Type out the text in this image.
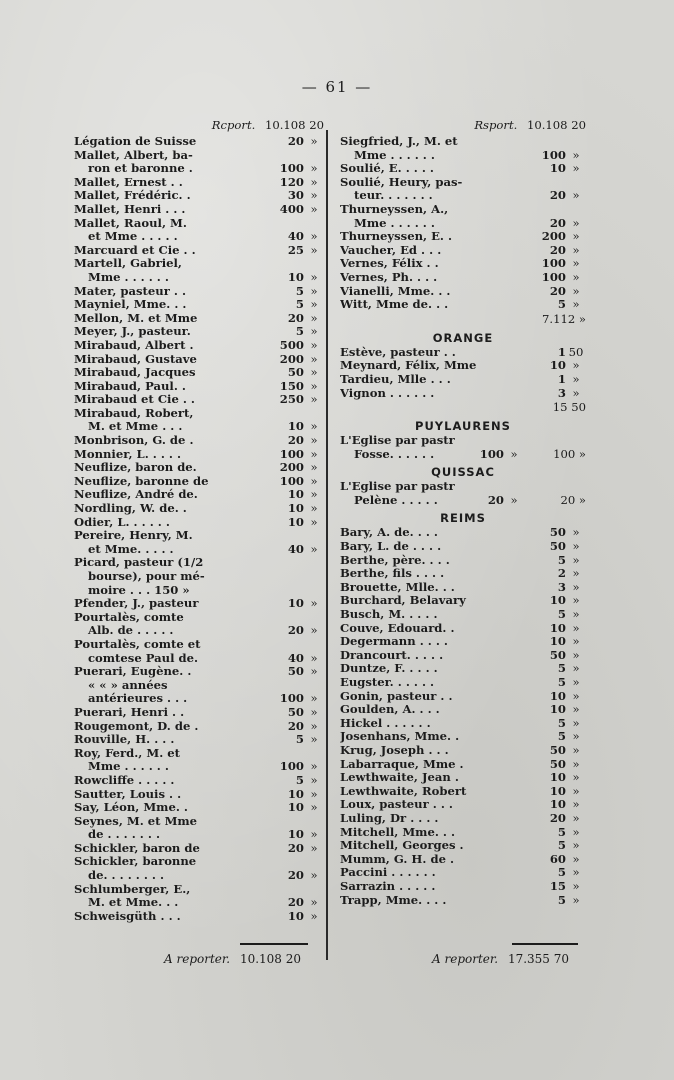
— 61 —
Rcport. 10.108 20
Légation de Suisse	20 »
Mallet, Albert, ba-
ron et baronne .	100 »
Mallet, Ernest . .	120 »
Mallet, Frédéric. .	30 »
Mallet, Henri . . .	400 »
Mallet, Raoul, M.
et Mme . . . . .	40 »
Marcuard et Cie . .	25 »
Martell, Gabriel,
Mme . . . . . .	10 »
Mater, pasteur . .	5 »
Mayniel, Mme. . .	5 »
Mellon, M. et Mme	20 »
Meyer, J., pasteur.	5 »
Mirabaud, Albert .	500 »
Mirabaud, Gustave	200 »
Mirabaud, Jacques	50 »
Mirabaud, Paul. .	150 »
Mirabaud et Cie . .	250 »
Mirabaud, Robert,
M. et Mme . . .	10 »
Monbrison, G. de .	20 »
Monnier, L. . . . .	100 »
Neuflize, baron de.	200 »
Neuflize, baronne de	100 »
Neuflize, André de.	10 »
Nordling, W. de. .	10 »
Odier, L. . . . . .	10 »
Pereire, Henry, M.
et Mme. . . . .	40 »
Picard, pasteur (1/2
bourse), pour mé-
moire . . . 150 »
Pfender, J., pasteur	10 »
Pourtalès, comte
Alb. de . . . . .	20 »
Pourtalès, comte et
comtese Paul de.	40 »
Puerari, Eugène. .	50 »
« « » années
antérieures . . .	100 »
Puerari, Henri . .	50 »
Rougemont, D. de .	20 »
Rouville, H. . . .	5 »
Roy, Ferd., M. et
Mme . . . . . .	100 »
Rowcliffe . . . . .	5 »
Sautter, Louis . .	10 »
Say, Léon, Mme. .	10 »
Seynes, M. et Mme
de . . . . . . .	10 »
Schickler, baron de	20 »
Schickler, baronne
de. . . . . . . .	20 »
Schlumberger, E.,
M. et Mme. . .	20 »
Schweisgüth . . .	10 »
Rsport. 10.108 20
Siegfried, J., M. et
Mme . . . . . .	100 »
Soulié, E. . . . .	10 »
Soulié, Heury, pas-
teur. . . . . . .	20 »
Thurneyssen, A.,
Mme . . . . . .	20 »
Thurneyssen, E. .	200 »
Vaucher, Ed . . .	20 »
Vernes, Félix . .	100 »
Vernes, Ph. . . .	100 »
Vianelli, Mme. . .	20 »
Witt, Mme de. . .	5 »
7.112 »
ORANGE
Estève, pasteur . .	1 50
Meynard, Félix, Mme	10 »
Tardieu, Mlle . . .	1 »
Vignon . . . . . .	3 »
15 50
PUYLAURENS
L'Eglise par pastr
Fosse. . . . . .	100 »	100 »
QUISSAC
L'Eglise par pastr
Pelène . . . . .	20 »	20 »
REIMS
Bary, A. de. . . .	50 »
Bary, L. de . . . .	50 »
Berthe, père. . . .	5 »
Berthe, fils . . . .	2 »
Brouette, Mlle. . .	3 »
Burchard, Belavary	10 »
Busch, M. . . . .	5 »
Couve, Edouard. .	10 »
Degermann . . . .	10 »
Drancourt. . . . .	50 »
Duntze, F. . . . .	5 »
Eugster. . . . . .	5 »
Gonin, pasteur . .	10 »
Goulden, A. . . .	10 »
Hickel . . . . . .	5 »
Josenhans, Mme. .	5 »
Krug, Joseph . . .	50 »
Labarraque, Mme .	50 »
Lewthwaite, Jean .	10 »
Lewthwaite, Robert	10 »
Loux, pasteur . . .	10 »
Luling, Dr . . . .	20 »
Mitchell, Mme. . .	5 »
Mitchell, Georges .	5 »
Mumm, G. H. de .	60 »
Paccini . . . . . .	5 »
Sarrazin . . . . .	15 »
Trapp, Mme. . . .	5 »
A reporter. 10.108 20	A reporter. 17.355 70
